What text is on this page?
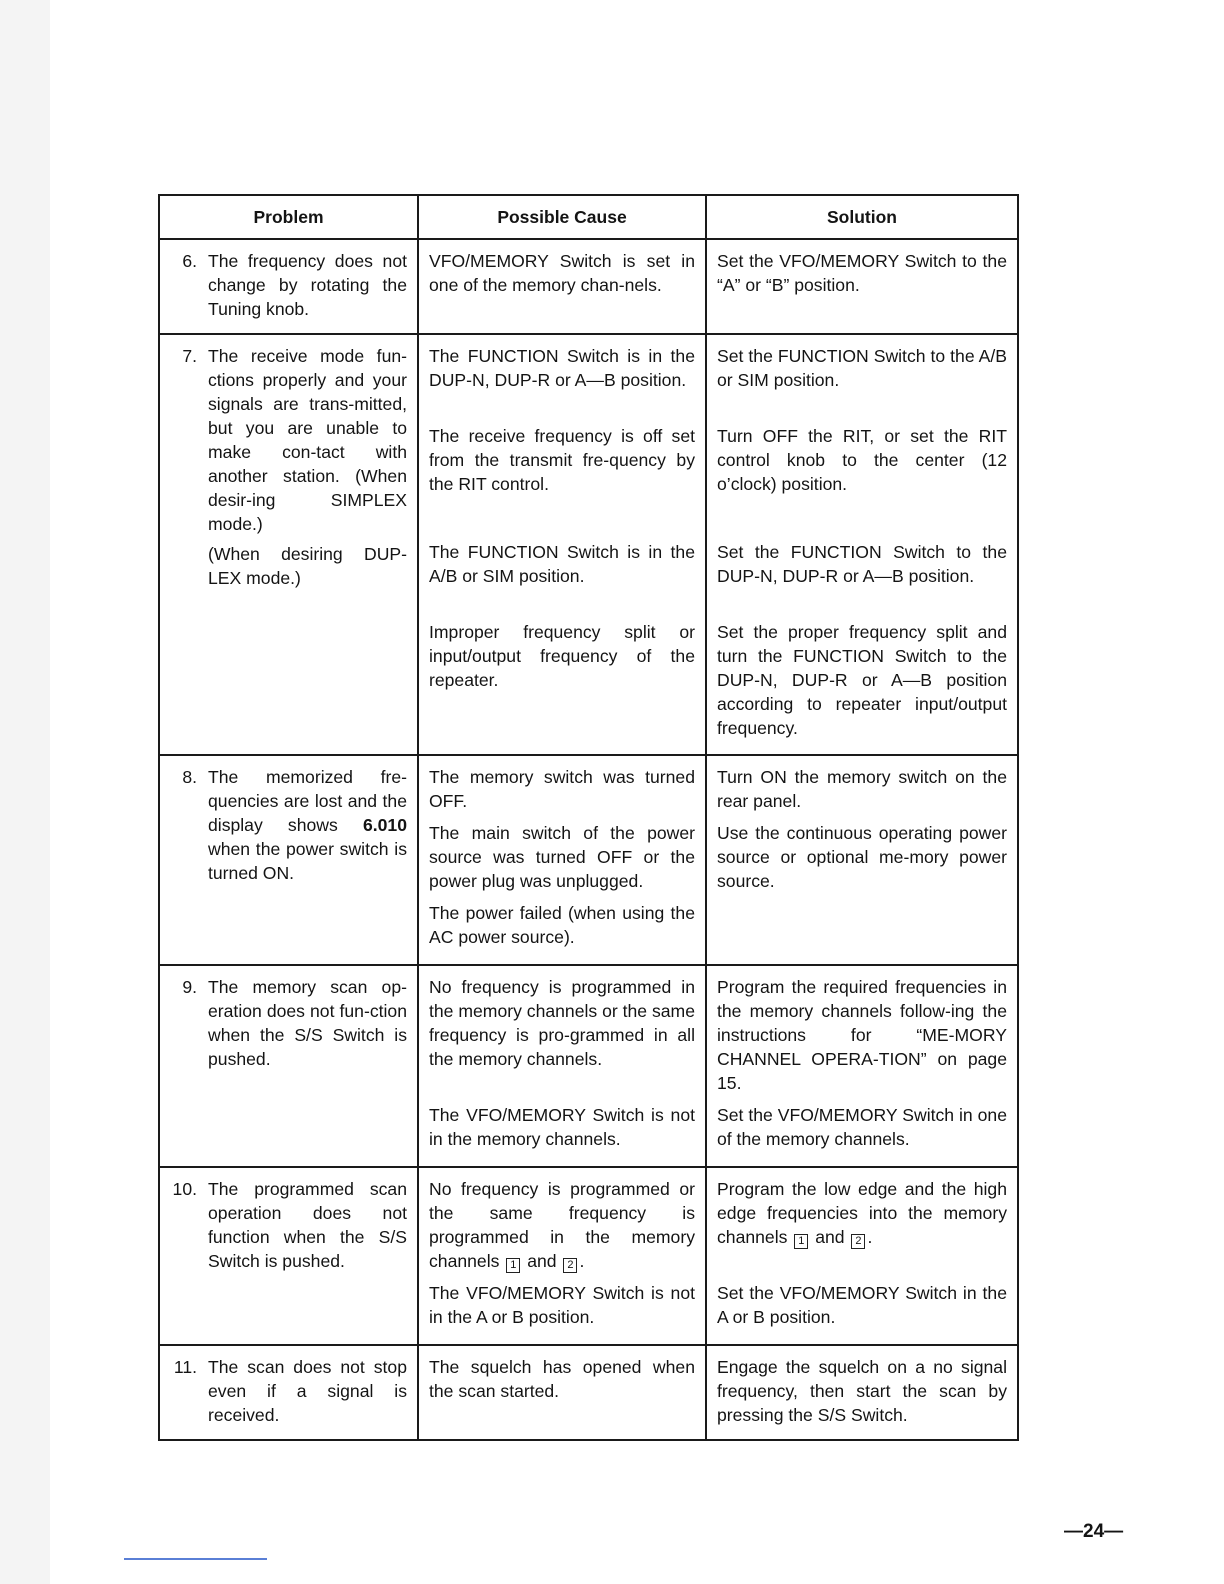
Problem	Possible Cause	Solution
6. The frequency does not change by rotating the Tuning knob.

VFO/MEMORY Switch is set in one of the memory chan-nels.

Set the VFO/MEMORY Switch to the “A” or “B” position.

7. The receive mode fun-ctions properly and your signals are trans-mitted, but you are unable to make con-tact with another station. (When desir-ing SIMPLEX mode.)
(When desiring DUP-LEX mode.)

The FUNCTION Switch is in the DUP-N, DUP-R or A—B position.

The receive frequency is off set from the transmit fre-quency by the RIT control.

The FUNCTION Switch is in the A/B or SIM position.

Improper frequency split or input/output frequency of the repeater.

Set the FUNCTION Switch to the A/B or SIM position.

Turn OFF the RIT, or set the RIT control knob to the center (12 o’clock) position.

Set the FUNCTION Switch to the DUP-N, DUP-R or A—B position.

Set the proper frequency split and turn the FUNCTION Switch to the DUP-N, DUP-R or A—B position according to repeater input/output frequency.

8. The memorized fre-quencies are lost and the display shows 6.010 when the power switch is turned ON.

The memory switch was turned OFF.

The main switch of the power source was turned OFF or the power plug was unplugged.

The power failed (when using the AC power source).

Turn ON the memory switch on the rear panel.

Use the continuous operating power source or optional me-mory power source.

9. The memory scan op-eration does not fun-ction when the S/S Switch is pushed.

No frequency is programmed in the memory channels or the same frequency is pro-grammed in all the memory channels.

The VFO/MEMORY Switch is not in the memory channels.

Program the required frequencies in the memory channels follow-ing the instructions for “ME-MORY CHANNEL OPERA-TION” on page 15.

Set the VFO/MEMORY Switch in one of the memory channels.

10. The programmed scan operation does not function when the S/S Switch is pushed.

No frequency is programmed or the same frequency is programmed in the memory channels 1 and 2 .

The VFO/MEMORY Switch is not in the A or B position.

Program the low edge and the high edge frequencies into the memory channels 1 and 2 .

Set the VFO/MEMORY Switch in the A or B position.

11. The scan does not stop even if a signal is received.

The squelch has opened when the scan started.

Engage the squelch on a no signal frequency, then start the scan by pressing the S/S Switch.

—24—
